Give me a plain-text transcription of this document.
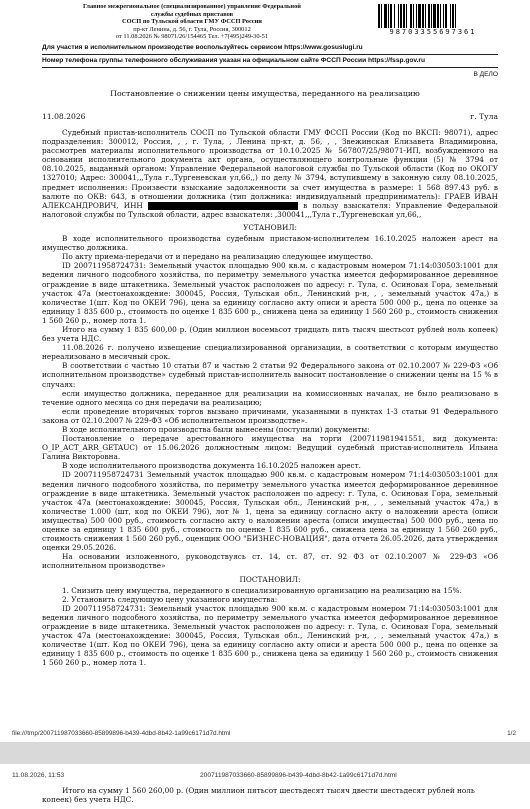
Главное межрегиональное (специализированное) управление Федеральной
службы судебных приставов
СОСП по Тульской области ГМУ ФССП России
пр-кт Ленина, д. 56, г. Тула, Россия, 300012
от 11.08.2026 № 98071/26/154465 Тел. +7(495)249-30-51
98703355697361
Для участия в исполнительном производстве воспользуйтесь сервисом https://www.gosuslugi.ru
Номер телефона группы телефонного обслуживания указан на официальном сайте ФССП России https://fssp.gov.ru
В ДЕЛО
Постановление о снижении цены имущества, переданного на реализацию
11.08.2026	г. Тула

Судебный пристав-исполнитель СОСП по Тульской области ГМУ ФССП России (Код по ВКСП: 98071), адрес подразделения: 300012, Россия, , , г. Тула, , Ленина пр-кт, д. 56, , , Звежинская Елизавета Владимировна, рассмотрев материалы исполнительного производства от 10.10.2025 № 567807/25/98071-ИП, возбужденного на основании исполнительного документа акт органа, осуществляющего контрольные функции (5) № 3794 от 08.10.2025, выданный органом: Управление Федеральной налоговой службы по Тульской области (Код по ОКОГУ 1327010; Адрес: 300041,,,Тула г.,Тургеневская ул,66,,) по делу № 3794, вступившему в законную силу 08.10.2025, предмет исполнения: Произвести взыскание задолженности за счет имущества в размере: 1 568 897.43 руб. в валюте по ОКВ: 643, в отношении должника (тип должника: индивидуальный предприниматель): ГРАЕВ ИВАН АЛЕКСАНДРОВИЧ, ИНН	в пользу взыскателя: Управление Федеральной налоговой службы по Тульской области, адрес взыскателя: ,300041,,,Тула г.,Тургеневская ул,66,,

УСТАНОВИЛ:

В ходе исполнительного производства судебным приставом-исполнителем 16.10.2025 наложен арест на имущество должника.

По акту приема-передачи от и передано на реализацию следующее имущество.

ID 200711958724731: Земельный участок площадью 900 кв.м. с кадастровым номером 71:14:030503:1001 для ведения личного подсобного хозяйства, по периметру земельного участка имеется деформированное деревянное ограждение в виде штакетника. Земельный участок расположен по адресу: г. Тула, с. Осиновая Гора, земельный участок 47а (местонахождение: 300045, Россия, Тульская обл., Ленинский р-н, , , земельный участок 47а,) в количестве 1(шт. Код по ОКЕИ 796), цена за единицу согласно акту описи и ареста 500 000 р., цена по оценке за единицу 1 835 600 р., стоимость по оценке 1 835 600 р., снижена цена за единицу 1 560 260 р., стоимость снижения 1 560 260 р., номер лота 1.

Итого на сумму 1 835 600,00 р. (Один миллион восемьсот тридцать пять тысяч шестьсот рублей ноль копеек) без учета НДС.

11.08.2026 г. получено извещение специализированной организации, в соответствии с которым имущество нереализовано в месячный срок.

В соответствии с частью 10 статьи 87 и частью 2 статьи 92 Федерального закона от 02.10.2007 № 229-ФЗ «Об исполнительном производстве» судебный пристав-исполнитель выносит постановление о снижении цены на 15 % в случаях:

если имущество должника, переданное для реализации на комиссионных началах, не было реализовано в течение одного месяца со дня передачи на реализацию;

если проведение вторичных торгов вызвано причинами, указанными в пунктах 1-3 статьи 91 Федерального закона от 02.10.2007 № 229-ФЗ «Об исполнительном производстве».

В ходе исполнительного производства были вынесены (поступили) документы:

Постановление о передаче арестованного имущества на торги (200711981941551, вид документа: O_IP_ACT_ARR_GETAUC) от 15.06.2026 должностным лицом: Ведущий судебный пристав-исполнитель Ильина Галина Викторовна.

В ходе исполнительного производства документа 16.10.2025 наложен арест.

ID 200711958724731 Земельный участок площадью 900 кв.м. с кадастровым номером 71:14:030503:1001 для ведения личного подсобного хозяйства, по периметру земельного участка имеется деформированное деревянное ограждение в виде штакетника. Земельный участок расположен по адресу: г. Тула, с. Осиновая Гора, земельный участок 47а (местонахождение: 300045, Россия, Тульская обл., Ленинский р-н, , , земельный участок 47а,) в количестве 1.000 (шт, код по ОКЕИ 796), лот № 1, цена за единицу согласно акту о наложении ареста (описи имущества) 500 000 руб., стоимость согласно акту о наложении ареста (описи имущества) 500 000 руб., цена по оценке за единицу 1 835 600 руб., стоимость по оценке 1 835 600 руб., снижена цена за единицу 1 560 260 руб., стоимость снижения 1 560 260 руб., оценщик ООО "БИЗНЕС-НОВАЦИЯ", дата отчета 26.05.2026, дата утверждения оценки 29.05.2026.

На основании изложенного, руководствуясь ст. 14, ст. 87, ст. 92 ФЗ от 02.10.2007 № 229-ФЗ «Об исполнительном производстве»

ПОСТАНОВИЛ:

1. Снизить цену имущества, переданного в специализированную организацию на реализацию на 15%.

2. Установить следующую цену указанного имущества:

ID 200711958724731: Земельный участок площадью 900 кв.м. с кадастровым номером 71:14:030503:1001 для ведения личного подсобного хозяйства, по периметру земельного участка имеется деформированное деревянное ограждение в виде штакетника. Земельный участок расположен по адресу: г. Тула, с. Осиновая Гора, земельный участок 47а (местонахождение: 300045, Россия, Тульская обл., Ленинский р-н, , , земельный участок 47а,) в количестве 1(шт. Код по ОКЕИ 796), цена за единицу согласно акту описи и ареста 500 000 р., цена по оценке за единицу 1 835 600 р., стоимость по оценке 1 835 600 р., снижена цена за единицу 1 560 260 р., стоимость снижения 1 560 260 р., номер лота 1.

file:///tmp/200711987033660-85899896-b439-4dbd-8b42-1a99c6171d7d.html	1/2
11.08.2026, 11:53	200711987033660-85899896-b439-4dbd-8b42-1a99c6171d7d.html

Итого на сумму 1 560 260,00 р. (Один миллион пятьсот шестьдесят тысяч двести шестьдесят рублей ноль копеек) без учета НДС.
